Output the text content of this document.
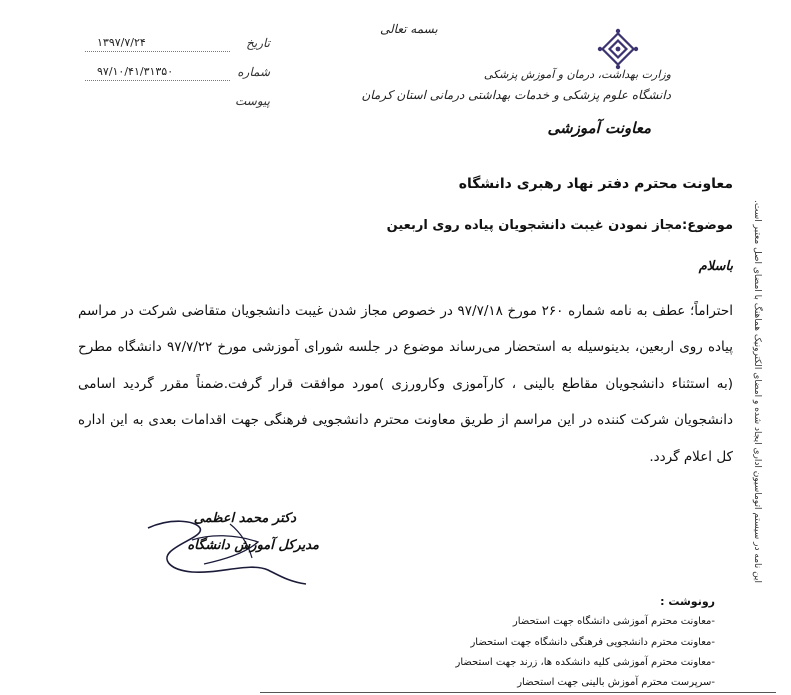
بسمه تعالی
تاریخ
۱۳۹۷/۷/۲۴
شماره
۹۷/۱۰/۴۱/۳۱۳۵۰
پیوست
وزارت بهداشت، درمان و آموزش پزشکی
دانشگاه علوم پزشکی و خدمات بهداشتی درمانی استان کرمان
معاونت آموزشی
این نامه در سیستم اتوماسیون اداری ایجاد شده و امضای الکترونیک هماهنگ با امضای اصل معتبر است.
معاونت محترم دفتر نهاد رهبری دانشگاه
موضوع:مجاز نمودن غیبت دانشجویان پیاده روی اربعین
باسلام
احتراماً؛ عطف به نامه شماره ۲۶۰ مورخ ۹۷/۷/۱۸ در خصوص مجاز شدن غیبت دانشجویان متقاضی شرکت در مراسم پیاده روی اربعین، بدینوسیله به استحضار می‌رساند موضوع در جلسه شورای آموزشی مورخ ۹۷/۷/۲۲ دانشگاه مطرح (به استثناء دانشجویان مقاطع بالینی ، کارآموزی وکارورزی )مورد موافقت قرار گرفت.ضمناً مقرر گردید اسامی دانشجویان شرکت کننده در این مراسم از طریق معاونت محترم دانشجویی فرهنگی جهت اقدامات بعدی به این اداره کل اعلام گردد.
دکتر محمد اعظمی
مدیرکل آموزش دانشگاه
رونوشت :
-معاونت محترم آموزشی دانشگاه جهت استحضار
-معاونت محترم دانشجویی فرهنگی دانشگاه جهت استحضار
-معاونت محترم آموزشی کلیه دانشکده ها، زرند جهت استحضار
-سرپرست محترم آموزش بالینی جهت استحضار
